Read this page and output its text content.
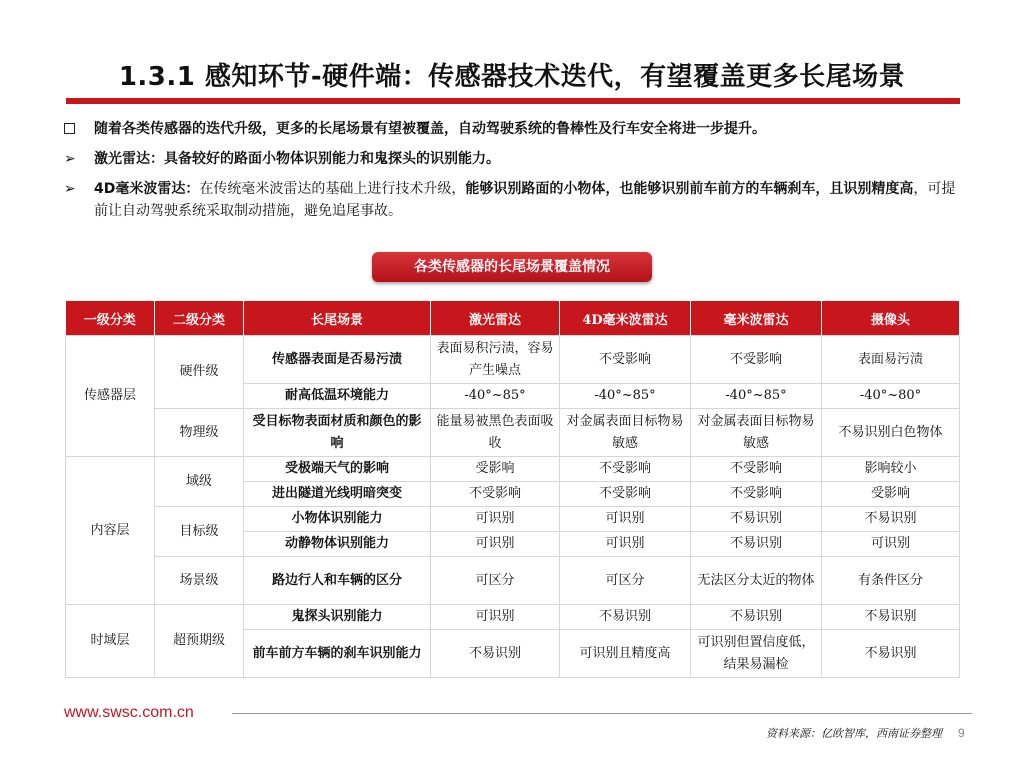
1.3.1 感知环节-硬件端：传感器技术迭代，有望覆盖更多长尾场景
随着各类传感器的迭代升级，更多的长尾场景有望被覆盖，自动驾驶系统的鲁棒性及行车安全将进一步提升。
➢	激光雷达：具备较好的路面小物体识别能力和鬼探头的识别能力。
➢	4D毫米波雷达：在传统毫米波雷达的基础上进行技术升级，能够识别路面的小物体，也能够识别前车前方的车辆刹车，且识别精度高，可提前让自动驾驶系统采取制动措施，避免追尾事故。
各类传感器的长尾场景覆盖情况
一级分类	二级分类	长尾场景	激光雷达	4D毫米波雷达	毫米波雷达	摄像头
传感器层	硬件级	传感器表面是否易污渍	表面易积污渍，容易产生噪点	不受影响	不受影响	表面易污渍
		耐高低温环境能力	-40°~85°	-40°~85°	-40°~85°	-40°~80°
	物理级	受目标物表面材质和颜色的影响	能量易被黑色表面吸收	对金属表面目标物易敏感	对金属表面目标物易敏感	不易识别白色物体
内容层	域级	受极端天气的影响	受影响	不受影响	不受影响	影响较小
		进出隧道光线明暗突变	不受影响	不受影响	不受影响	受影响
	目标级	小物体识别能力	可识别	可识别	不易识别	不易识别
		动静物体识别能力	可识别	可识别	不易识别	可识别
	场景级	路边行人和车辆的区分	可区分	可区分	无法区分太近的物体	有条件区分
时域层	超预期级	鬼探头识别能力	可识别	不易识别	不易识别	不易识别
		前车前方车辆的刹车识别能力	不易识别	可识别且精度高	可识别但置信度低，结果易漏检	不易识别
www.swsc.com.cn
资料来源：亿欧智库，西南证券整理 9
